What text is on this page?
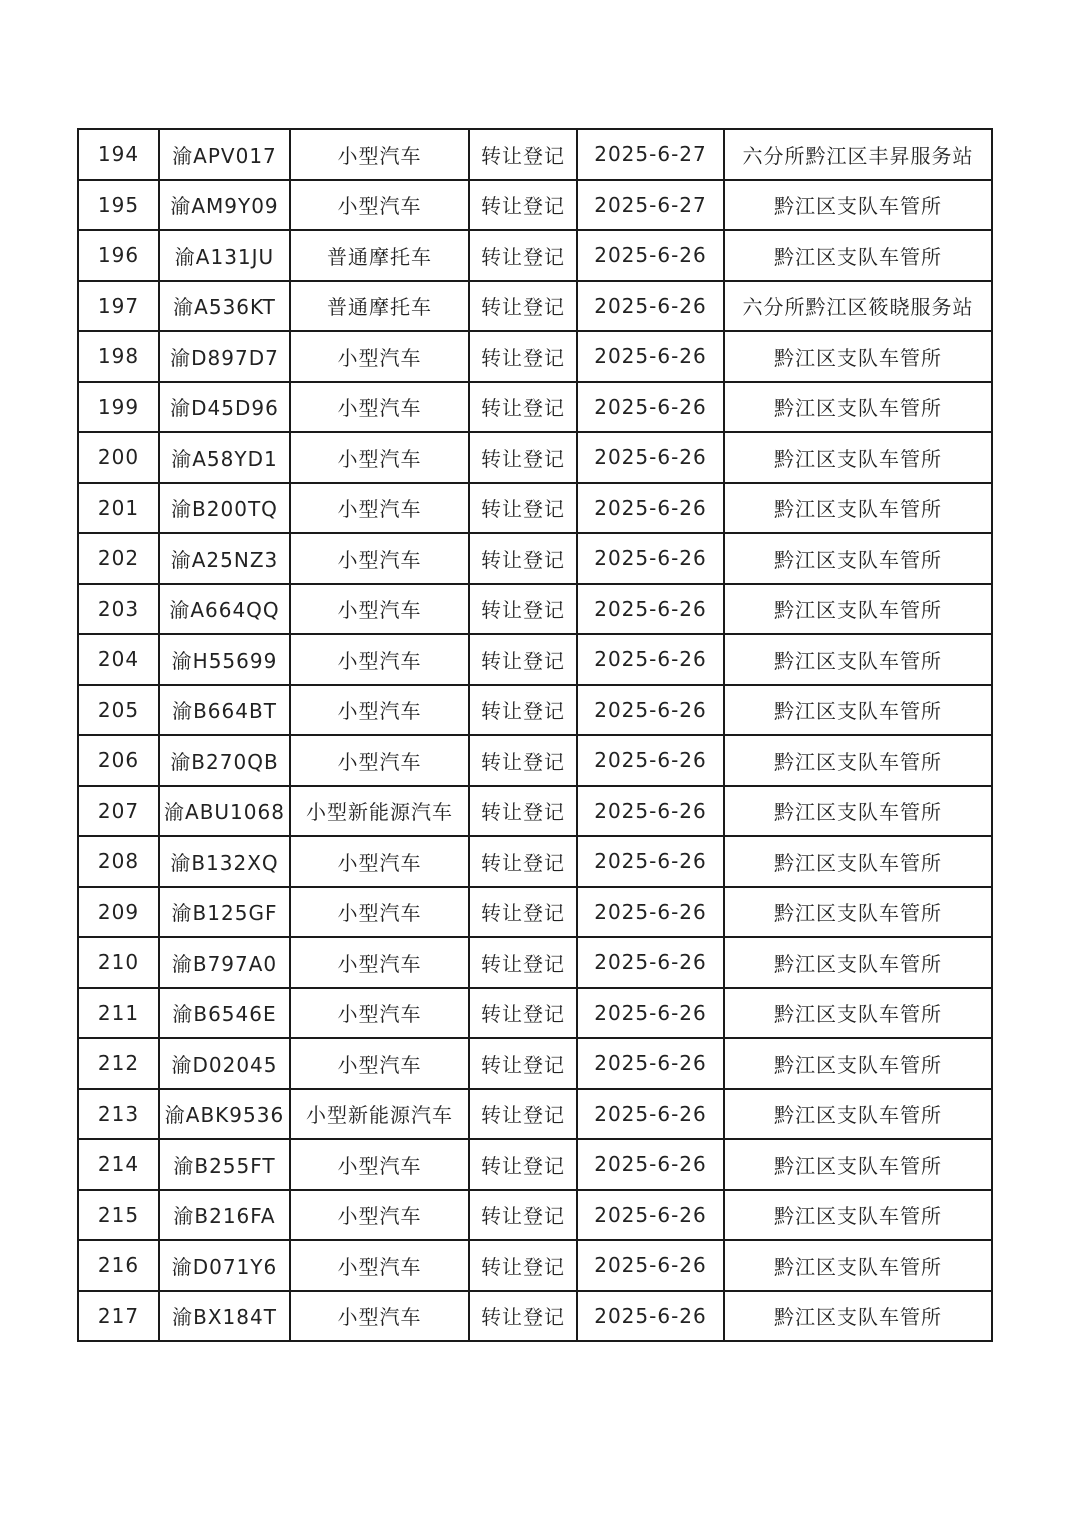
194	渝APV017	小型汽车	转让登记	2025-6-27	六分所黔江区丰昇服务站
195	渝AM9Y09	小型汽车	转让登记	2025-6-27	黔江区支队车管所
196	渝A131JU	普通摩托车	转让登记	2025-6-26	黔江区支队车管所
197	渝A536KT	普通摩托车	转让登记	2025-6-26	六分所黔江区筱晓服务站
198	渝D897D7	小型汽车	转让登记	2025-6-26	黔江区支队车管所
199	渝D45D96	小型汽车	转让登记	2025-6-26	黔江区支队车管所
200	渝A58YD1	小型汽车	转让登记	2025-6-26	黔江区支队车管所
201	渝B200TQ	小型汽车	转让登记	2025-6-26	黔江区支队车管所
202	渝A25NZ3	小型汽车	转让登记	2025-6-26	黔江区支队车管所
203	渝A664QQ	小型汽车	转让登记	2025-6-26	黔江区支队车管所
204	渝H55699	小型汽车	转让登记	2025-6-26	黔江区支队车管所
205	渝B664BT	小型汽车	转让登记	2025-6-26	黔江区支队车管所
206	渝B270QB	小型汽车	转让登记	2025-6-26	黔江区支队车管所
207	渝ABU1068	小型新能源汽车	转让登记	2025-6-26	黔江区支队车管所
208	渝B132XQ	小型汽车	转让登记	2025-6-26	黔江区支队车管所
209	渝B125GF	小型汽车	转让登记	2025-6-26	黔江区支队车管所
210	渝B797A0	小型汽车	转让登记	2025-6-26	黔江区支队车管所
211	渝B6546E	小型汽车	转让登记	2025-6-26	黔江区支队车管所
212	渝D02045	小型汽车	转让登记	2025-6-26	黔江区支队车管所
213	渝ABK9536	小型新能源汽车	转让登记	2025-6-26	黔江区支队车管所
214	渝B255FT	小型汽车	转让登记	2025-6-26	黔江区支队车管所
215	渝B216FA	小型汽车	转让登记	2025-6-26	黔江区支队车管所
216	渝D071Y6	小型汽车	转让登记	2025-6-26	黔江区支队车管所
217	渝BX184T	小型汽车	转让登记	2025-6-26	黔江区支队车管所
